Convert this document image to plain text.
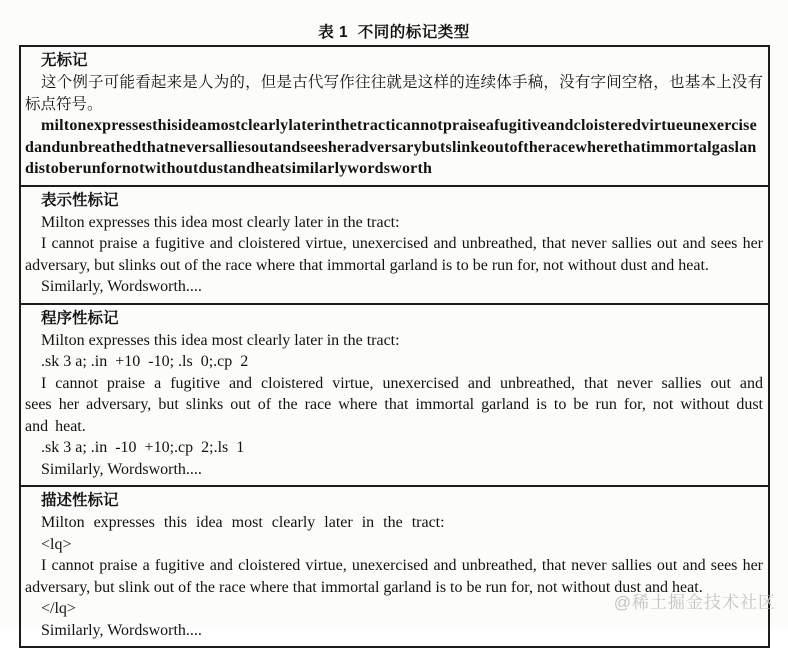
表 1  不同的标记类型
无标记

这个例子可能看起来是人为的，但是古代写作往往就是这样的连续体手稿，没有字间空格，也基本上没有标点符号。

miltonexpressesthisideamostclearlylaterinthetracticannotpraiseafugitiveandcloisteredvirtueunexercisedandunbreathedthatneversalliesoutandseesheradversarybutslinkeoutoftheracewherethatimmortalgaslandistoberunfornotwithoutdustandheatsimilarlywordsworth

表示性标记

Milton expresses this idea most clearly later in the tract:

I cannot praise a fugitive and cloistered virtue, unexercised and unbreathed, that never sallies out and sees her adversary, but slinks out of the race where that immortal garland is to be run for, not without dust and heat.

Similarly, Wordsworth....

程序性标记

Milton expresses this idea most clearly later in the tract:

.sk 3 a; .in  +10  -10; .ls  0;.cp  2

I cannot praise a fugitive and cloistered virtue, unexercised and unbreathed, that never sallies out and sees her adversary, but slinks out of the race where that immortal garland is to be run for, not without dust and heat.

.sk 3 a; .in  -10  +10;.cp  2;.ls  1

Similarly, Wordsworth....

描述性标记

Milton expresses this idea most clearly later in the tract:

<lq>

I cannot praise a fugitive and cloistered virtue, unexercised and unbreathed, that never sallies out and sees her adversary, but slink out of the race where that immortal garland is to be run for, not without dust and heat.

</lq>

Similarly, Wordsworth....

@稀土掘金技术社区
